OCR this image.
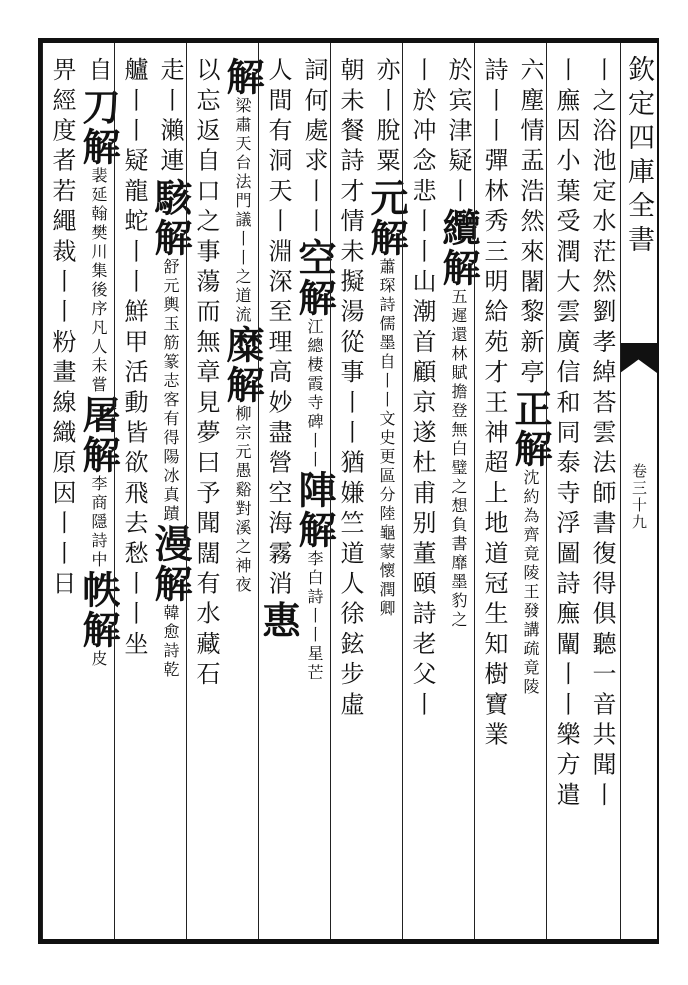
欽定四庫全書
卷三十九
丨之浴池定水茫然劉孝綽荅雲法師書復得俱聽一音共聞丨
丨廡因小葉受潤大雲廣信和同泰寺浮圖詩廡闡丨丨樂方遣
六塵情盂浩然來闍黎新亭正解沈約為齊竟陵王發講疏竟陵
詩丨丨彈林秀三明給苑才王神超上地道冠生知樹寶業
於宾津疑丨纜解五遲還林賦擔登無白璧之想負書靡墨豹之
丨於冲念悲丨丨山潮首顧京遂杜甫别董頤詩老父丨
亦丨脫粟元解蕭琛詩儒墨自丨丨文史更區分陸龜蒙懷潤卿
朝未餐詩才情未擬湯從事丨丨猶嫌竺道人徐鉉步虛
詞何處求丨丨空解江總棲霞寺碑丨丨陣解李白詩丨丨星芒
人間有洞天丨淵深至理高妙盡營空海霧消惠
解梁肅天台法門議丨丨之道流糜解柳宗元愚谿對溪之神夜
以忘返自口之事蕩而無章見夢曰予聞闊有水藏石
走丨瀨連駭解舒元輿玉筋篆志客有得陽冰真蹟漫解韓愈詩乾
艫丨丨疑龍蛇丨丨鮮甲活動皆欲飛去愁丨丨坐
自刀解裴延翰樊川集後序凡人未嘗屠解李商隱詩中帙解皮
畀經度者若繩裁丨丨粉畫線織原因丨丨日
